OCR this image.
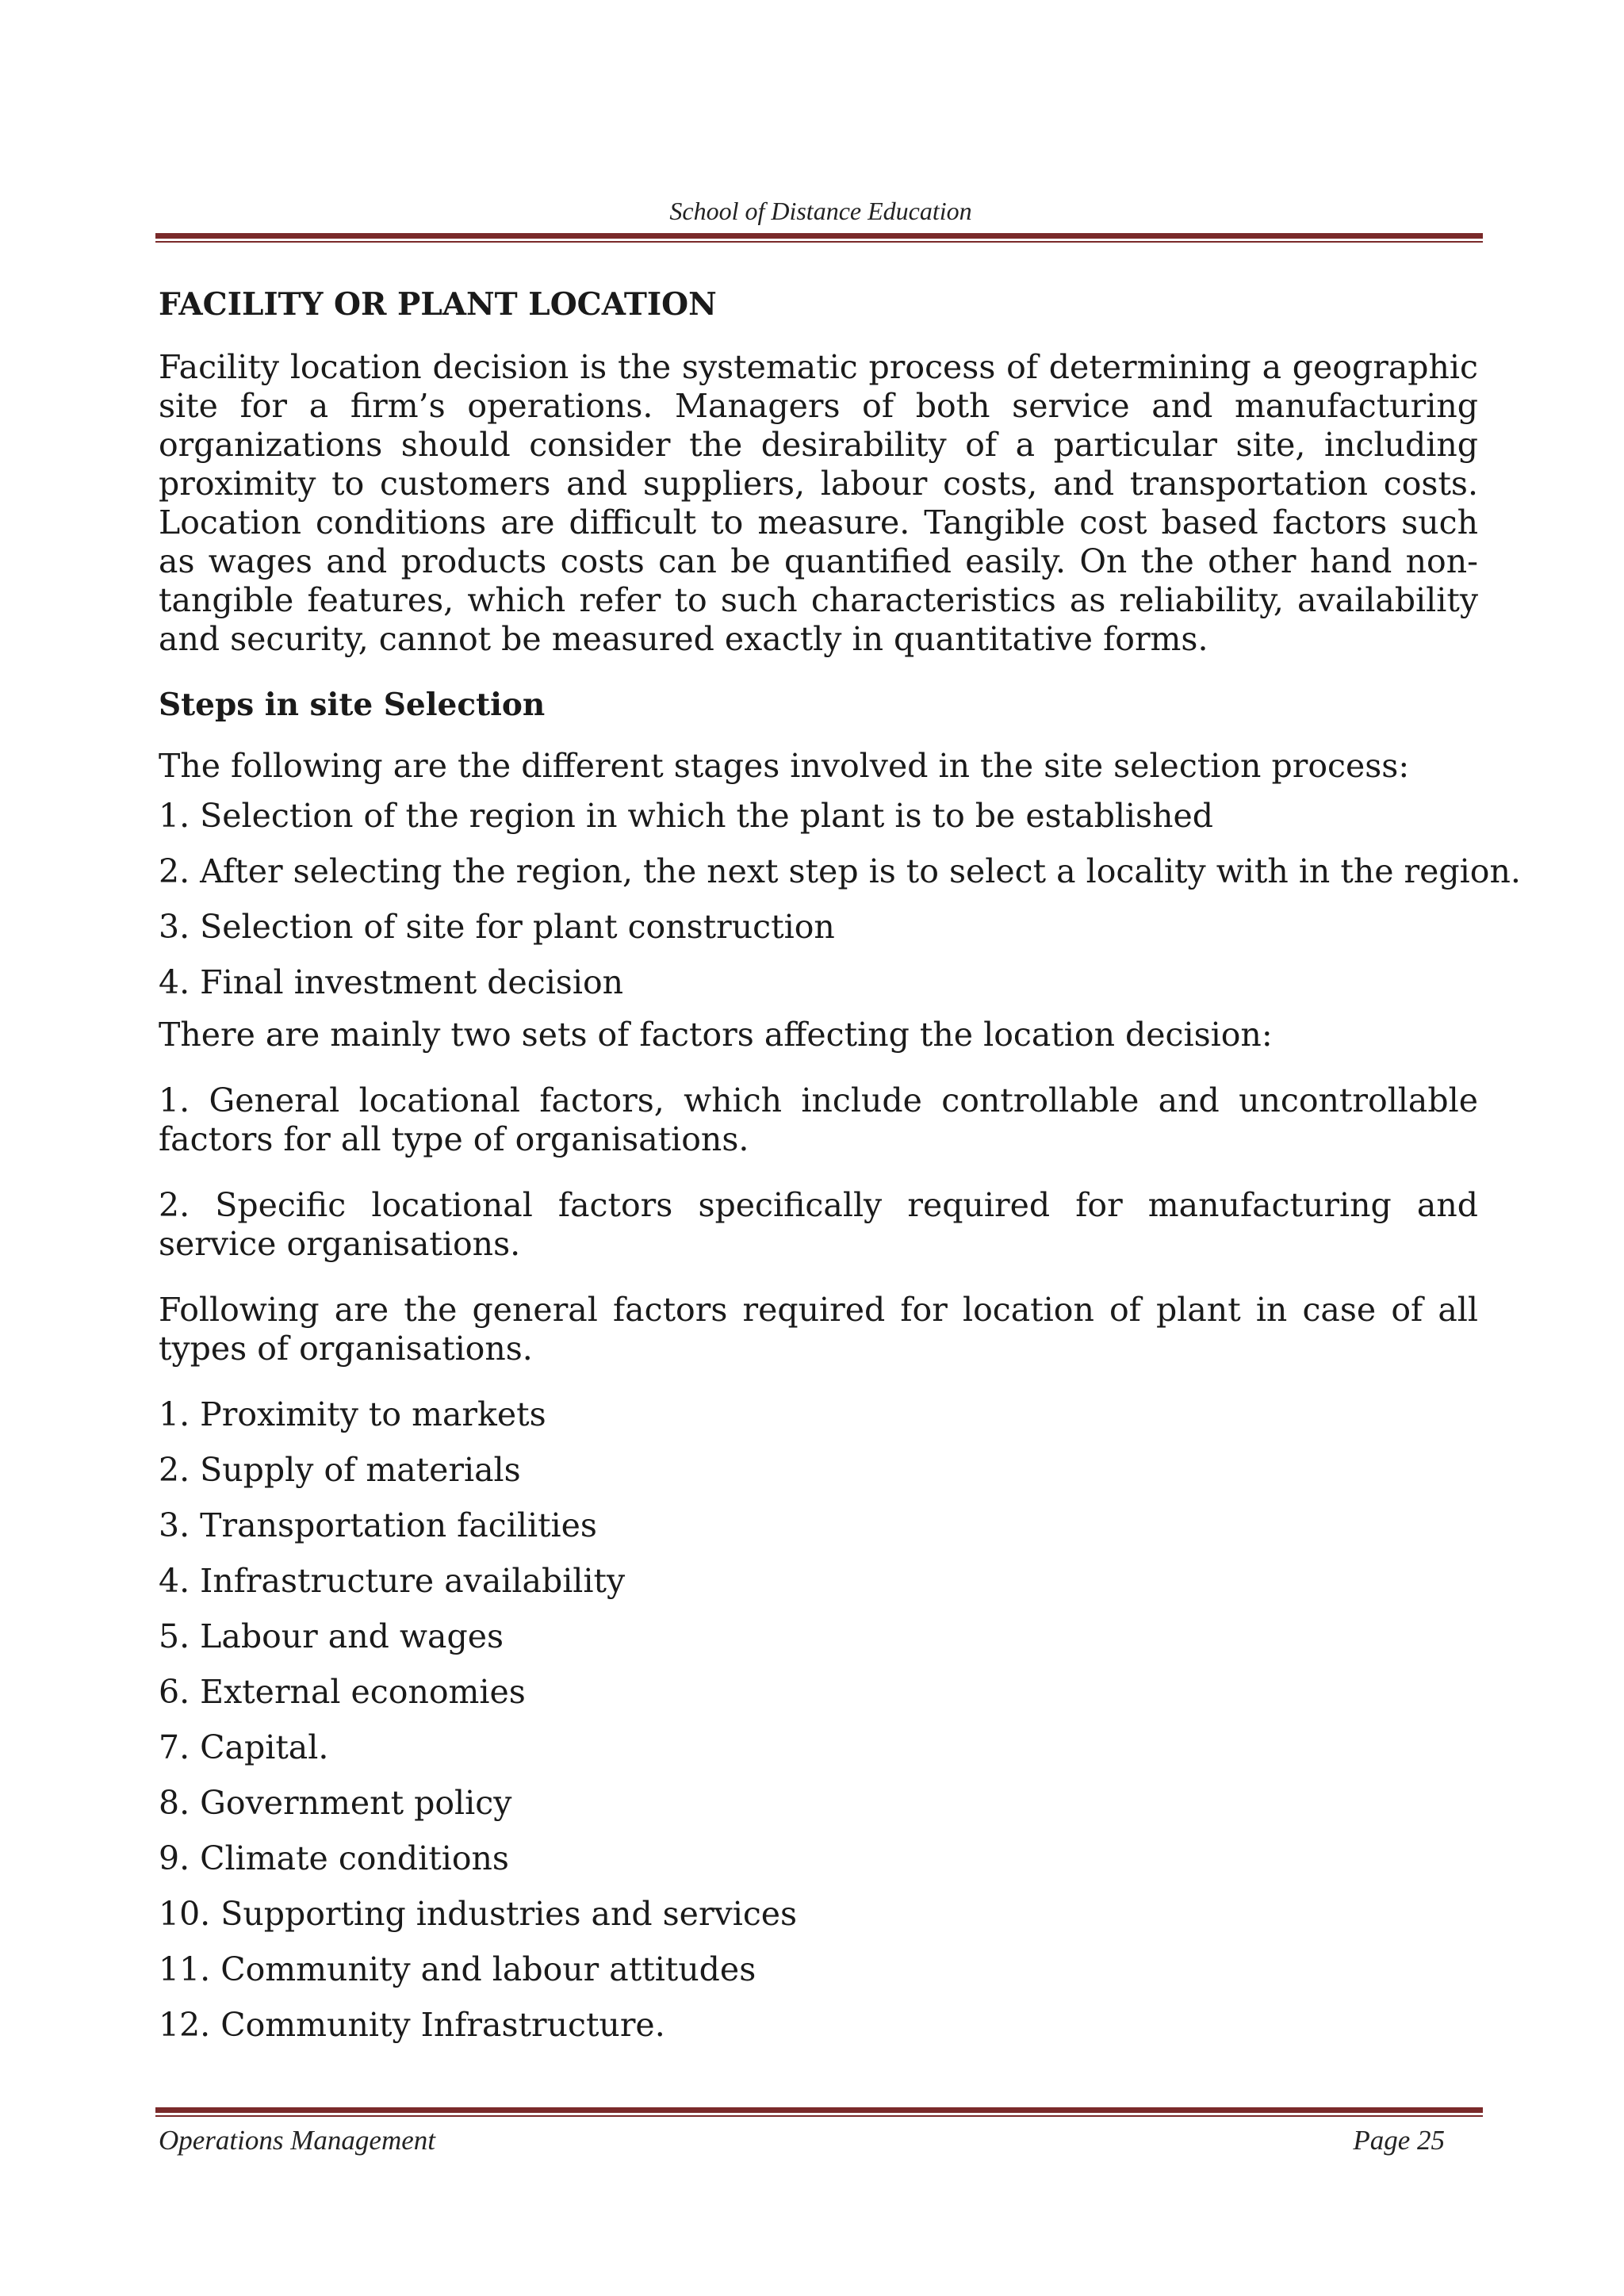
School of Distance Education
FACILITY OR PLANT LOCATION
Facility location decision is the systematic process of determining a geographic site for a firm’s operations. Managers of both service and manufacturing organizations should consider the desirability of a particular site, including proximity to customers and suppliers, labour costs, and transportation costs. Location conditions are difficult to measure. Tangible cost based factors such as wages and products costs can be quantified easily. On the other hand non-tangible features, which refer to such characteristics as reliability, availability and security, cannot be measured exactly in quantitative forms.
Steps in site Selection
The following are the different stages involved in the site selection process:
1. Selection of the region in which the plant is to be established
2. After selecting the region, the next step is to select a locality with in the region.
3. Selection of site for plant construction
4. Final investment decision
There are mainly two sets of factors affecting the location decision:
1. General locational factors, which include controllable and uncontrollable factors for all type of organisations.
2. Specific locational factors specifically required for manufacturing and service organisations.
Following are the general factors required for location of plant in case of all types of organisations.
1. Proximity to markets
2. Supply of materials
3. Transportation facilities
4. Infrastructure availability
5. Labour and wages
6. External economies
7. Capital.
8. Government policy
9. Climate conditions
10. Supporting industries and services
11. Community and labour attitudes
12. Community Infrastructure.
Operations Management	Page 25
